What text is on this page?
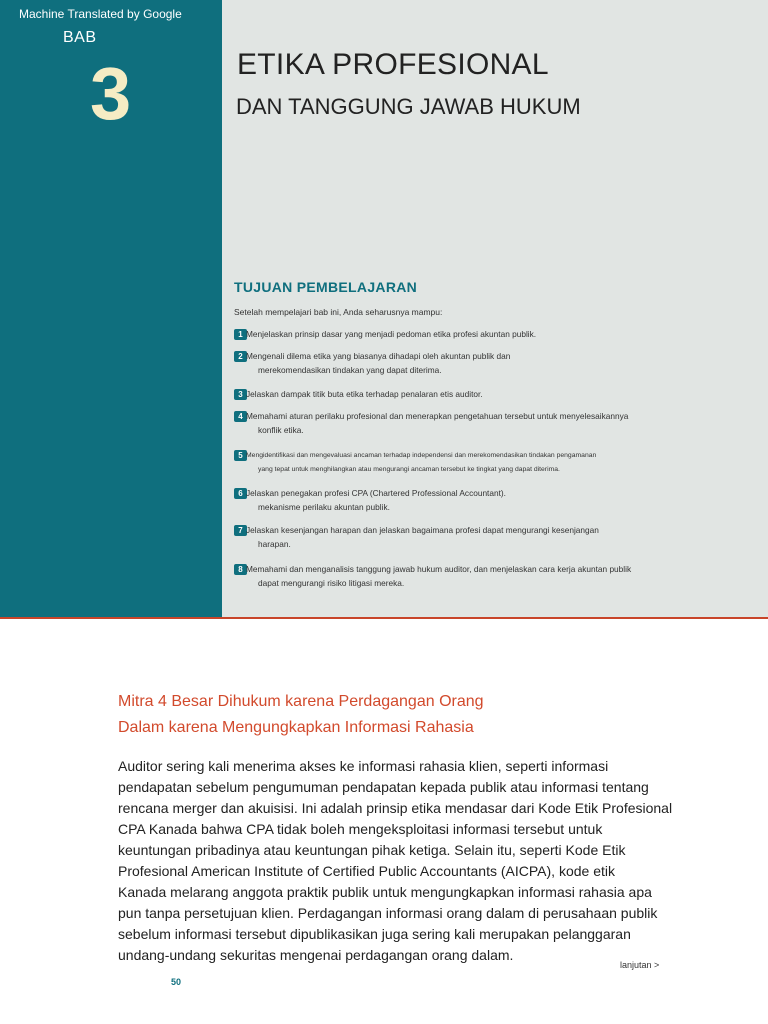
Machine Translated by Google
BAB
3	ETIKA PROFESIONAL
DAN TANGGUNG JAWAB HUKUM
TUJUAN PEMBELAJARAN
Setelah mempelajari bab ini, Anda seharusnya mampu:
1 Menjelaskan prinsip dasar yang menjadi pedoman etika profesi akuntan publik.
2 Mengenali dilema etika yang biasanya dihadapi oleh akuntan publik dan
merekomendasikan tindakan yang dapat diterima.
3 Jelaskan dampak titik buta etika terhadap penalaran etis auditor.
4 Memahami aturan perilaku profesional dan menerapkan pengetahuan tersebut untuk menyelesaikannya
konflik etika.
5 Mengidentifikasi dan mengevaluasi ancaman terhadap independensi dan merekomendasikan tindakan pengamanan
yang tepat untuk menghilangkan atau mengurangi ancaman tersebut ke tingkat yang dapat diterima.
6 Jelaskan penegakan profesi CPA (Chartered Professional Accountant).
mekanisme perilaku akuntan publik.
7 Jelaskan kesenjangan harapan dan jelaskan bagaimana profesi dapat mengurangi kesenjangan
harapan.
8 Memahami dan menganalisis tanggung jawab hukum auditor, dan menjelaskan cara kerja akuntan publik
dapat mengurangi risiko litigasi mereka.
Mitra 4 Besar Dihukum karena Perdagangan Orang
Dalam karena Mengungkapkan Informasi Rahasia

Auditor sering kali menerima akses ke informasi rahasia klien, seperti informasi
pendapatan sebelum pengumuman pendapatan kepada publik atau informasi tentang
rencana merger dan akuisisi. Ini adalah prinsip etika mendasar dari Kode Etik Profesional
CPA Kanada bahwa CPA tidak boleh mengeksploitasi informasi tersebut untuk
keuntungan pribadinya atau keuntungan pihak ketiga. Selain itu, seperti Kode Etik
Profesional American Institute of Certified Public Accountants (AICPA), kode etik
Kanada melarang anggota praktik publik untuk mengungkapkan informasi rahasia apa
pun tanpa persetujuan klien. Perdagangan informasi orang dalam di perusahaan publik
sebelum informasi tersebut dipublikasikan juga sering kali merupakan pelanggaran
undang-undang sekuritas mengenai perdagangan orang dalam.

lanjutan >
50
